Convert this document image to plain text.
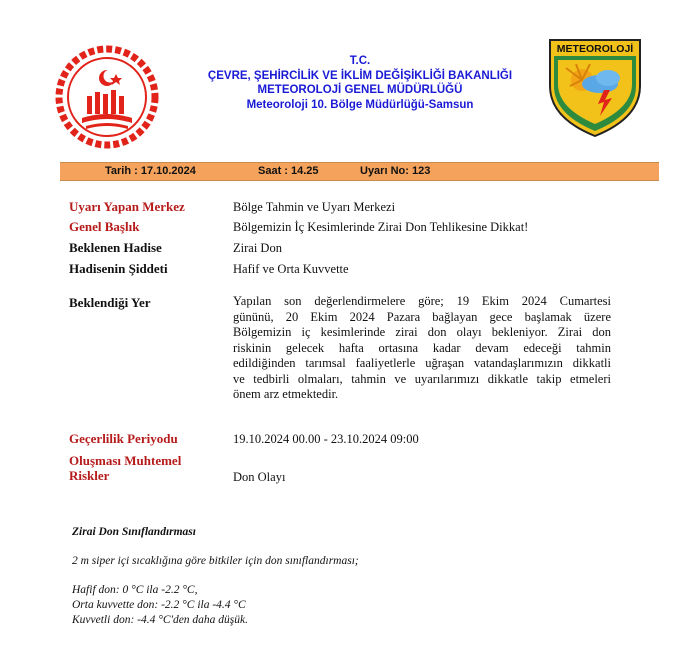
T.C.
ÇEVRE, ŞEHİRCİLİK VE İKLİM DEĞİŞİKLİĞİ BAKANLIĞI
METEOROLOJİ GENEL MÜDÜRLÜĞÜ
Meteoroloji 10. Bölge Müdürlüğü-Samsun
METEOROLOJİ
Tarih : 17.10.2024	Saat : 14.25	Uyarı No: 123
Uyarı Yapan Merkez	Bölge Tahmin ve Uyarı Merkezi
Genel Başlık	Bölgemizin İç Kesimlerinde Zirai Don Tehlikesine Dikkat!
Beklenen Hadise	Zirai Don
Hadisenin Şiddeti	Hafif ve Orta Kuvvette
Beklendiği Yer	Yapılan son değerlendirmelere göre; 19 Ekim 2024 Cumartesi
gününü, 20 Ekim 2024 Pazara bağlayan gece başlamak üzere
Bölgemizin iç kesimlerinde zirai don olayı bekleniyor. Zirai don
riskinin gelecek hafta ortasına kadar devam edeceği tahmin
edildiğinden tarımsal faaliyetlerle uğraşan vatandaşlarımızın dikkatli
ve tedbirli olmaları, tahmin ve uyarılarımızı dikkatle takip etmeleri
önem arz etmektedir.
Geçerlilik Periyodu	19.10.2024 00.00 - 23.10.2024 09:00
Oluşması Muhtemel
Riskler	Don Olayı
Zirai Don Sınıflandırması
2 m siper içi sıcaklığına göre bitkiler için don sınıflandırması;
Hafif don: 0 °C ila -2.2 °C,
Orta kuvvette don: -2.2 °C ila -4.4 °C
Kuvvetli don: -4.4 °C'den daha düşük.
